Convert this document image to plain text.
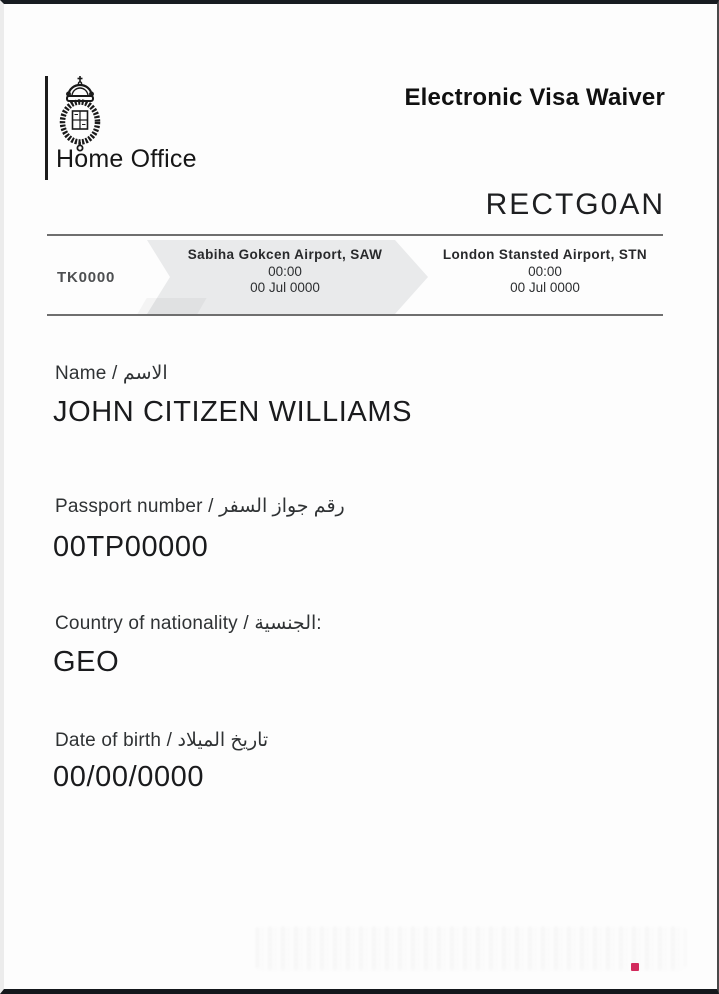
Home Office
Electronic Visa Waiver
RECTG0AN
TK0000
Sabiha Gokcen Airport, SAW
00:00
00 Jul 0000
London Stansted Airport, STN
00:00
00 Jul 0000
Name / الاسم
JOHN CITIZEN WILLIAMS
Passport number / رقم جواز السفر
00TP00000
Country of nationality / الجنسية:
GEO
Date of birth / تاريخ الميلاد
00/00/0000
